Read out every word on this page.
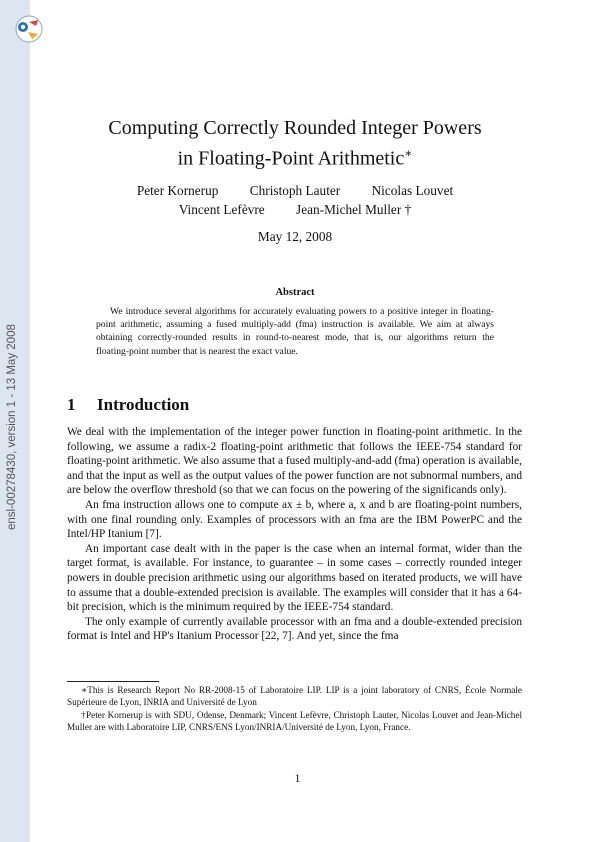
ensl-00278430, version 1 - 13 May 2008
Computing Correctly Rounded Integer Powers
in Floating-Point Arithmetic∗
Peter Kornerup Christoph Lauter Nicolas Louvet
Vincent Lefèvre Jean-Michel Muller †
May 12, 2008
Abstract
We introduce several algorithms for accurately evaluating powers to a positive integer in floating-point arithmetic, assuming a fused multiply-add (fma) instruction is available. We aim at always obtaining correctly-rounded results in round-to-nearest mode, that is, our algorithms return the floating-point number that is nearest the exact value.
1 Introduction

We deal with the implementation of the integer power function in floating-point arithmetic. In the following, we assume a radix-2 floating-point arithmetic that follows the IEEE-754 standard for floating-point arithmetic. We also assume that a fused multiply-and-add (fma) operation is available, and that the input as well as the output values of the power function are not subnormal numbers, and are below the overflow threshold (so that we can focus on the powering of the significands only).

An fma instruction allows one to compute ax ± b, where a, x and b are floating-point numbers, with one final rounding only. Examples of processors with an fma are the IBM PowerPC and the Intel/HP Itanium [7].

An important case dealt with in the paper is the case when an internal format, wider than the target format, is available. For instance, to guarantee – in some cases – correctly rounded integer powers in double precision arithmetic using our algorithms based on iterated products, we will have to assume that a double-extended precision is available. The examples will consider that it has a 64-bit precision, which is the minimum required by the IEEE-754 standard.

The only example of currently available processor with an fma and a double-extended precision format is Intel and HP's Itanium Processor [22, 7]. And yet, since the fma

∗This is Research Report No RR-2008-15 of Laboratoire LIP. LIP is a joint laboratory of CNRS, École Normale Supérieure de Lyon, INRIA and Université de Lyon

†Peter Kornerup is with SDU, Odense, Denmark; Vincent Lefèvre, Christoph Lauter, Nicolas Louvet and Jean-Michel Muller are with Laboratoire LIP, CNRS/ENS Lyon/INRIA/Université de Lyon, Lyon, France.

1
